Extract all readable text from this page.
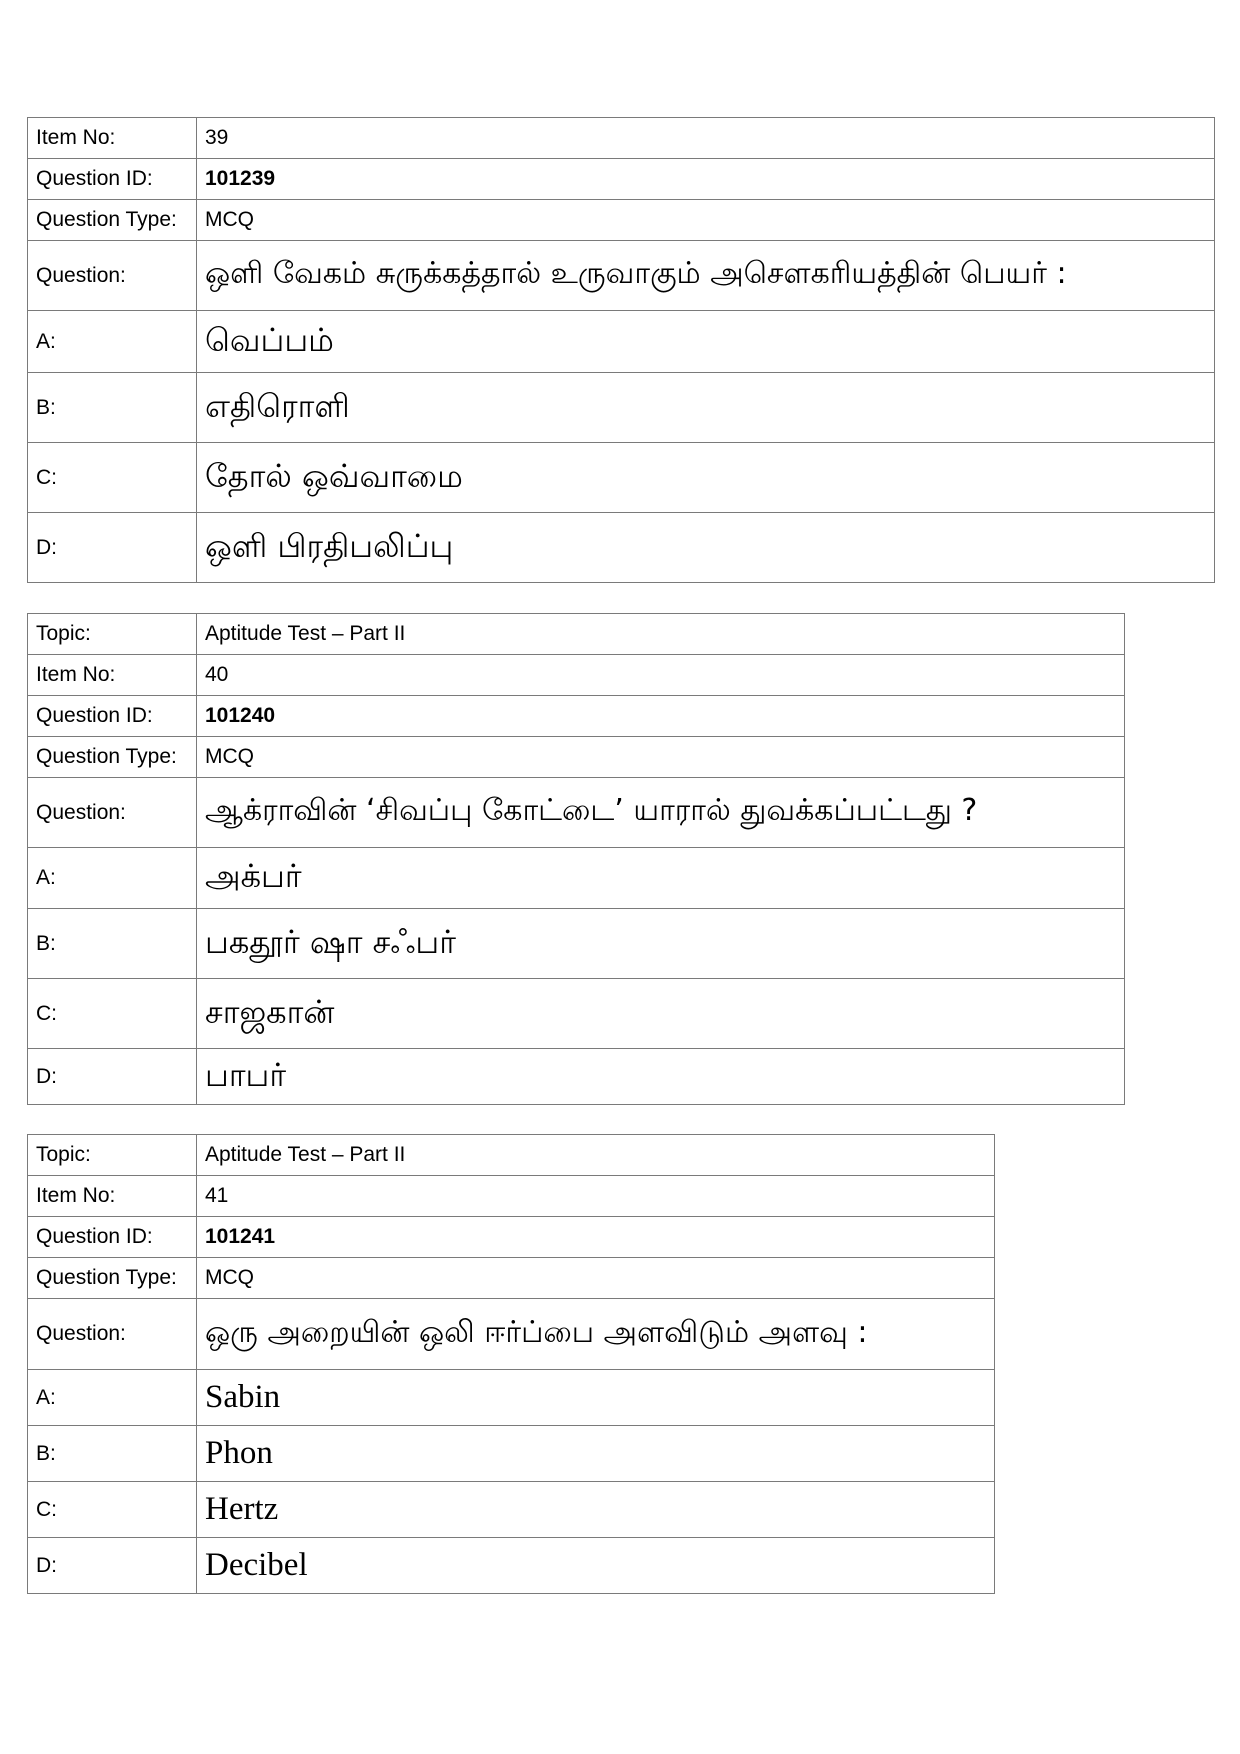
Item No:	39
Question ID:	101239
Question Type:	MCQ
Question:	ஒளி வேகம் சுருக்கத்தால் உருவாகும் அசௌகரியத்தின் பெயர் :
A:	வெப்பம்
B:	எதிரொளி
C:	தோல் ஒவ்வாமை
D:	ஒளி பிரதிபலிப்பு
Topic:	Aptitude Test – Part II
Item No:	40
Question ID:	101240
Question Type:	MCQ
Question:	ஆக்ராவின் ‘சிவப்பு கோட்டை’ யாரால் துவக்கப்பட்டது ?
A:	அக்பர்
B:	பகதூர் ஷா சஃபர்
C:	சாஜகான்
D:	பாபர்
Topic:	Aptitude Test – Part II
Item No:	41
Question ID:	101241
Question Type:	MCQ
Question:	ஒரு அறையின் ஒலி ஈர்ப்பை அளவிடும் அளவு :
A:	Sabin
B:	Phon
C:	Hertz
D:	Decibel
